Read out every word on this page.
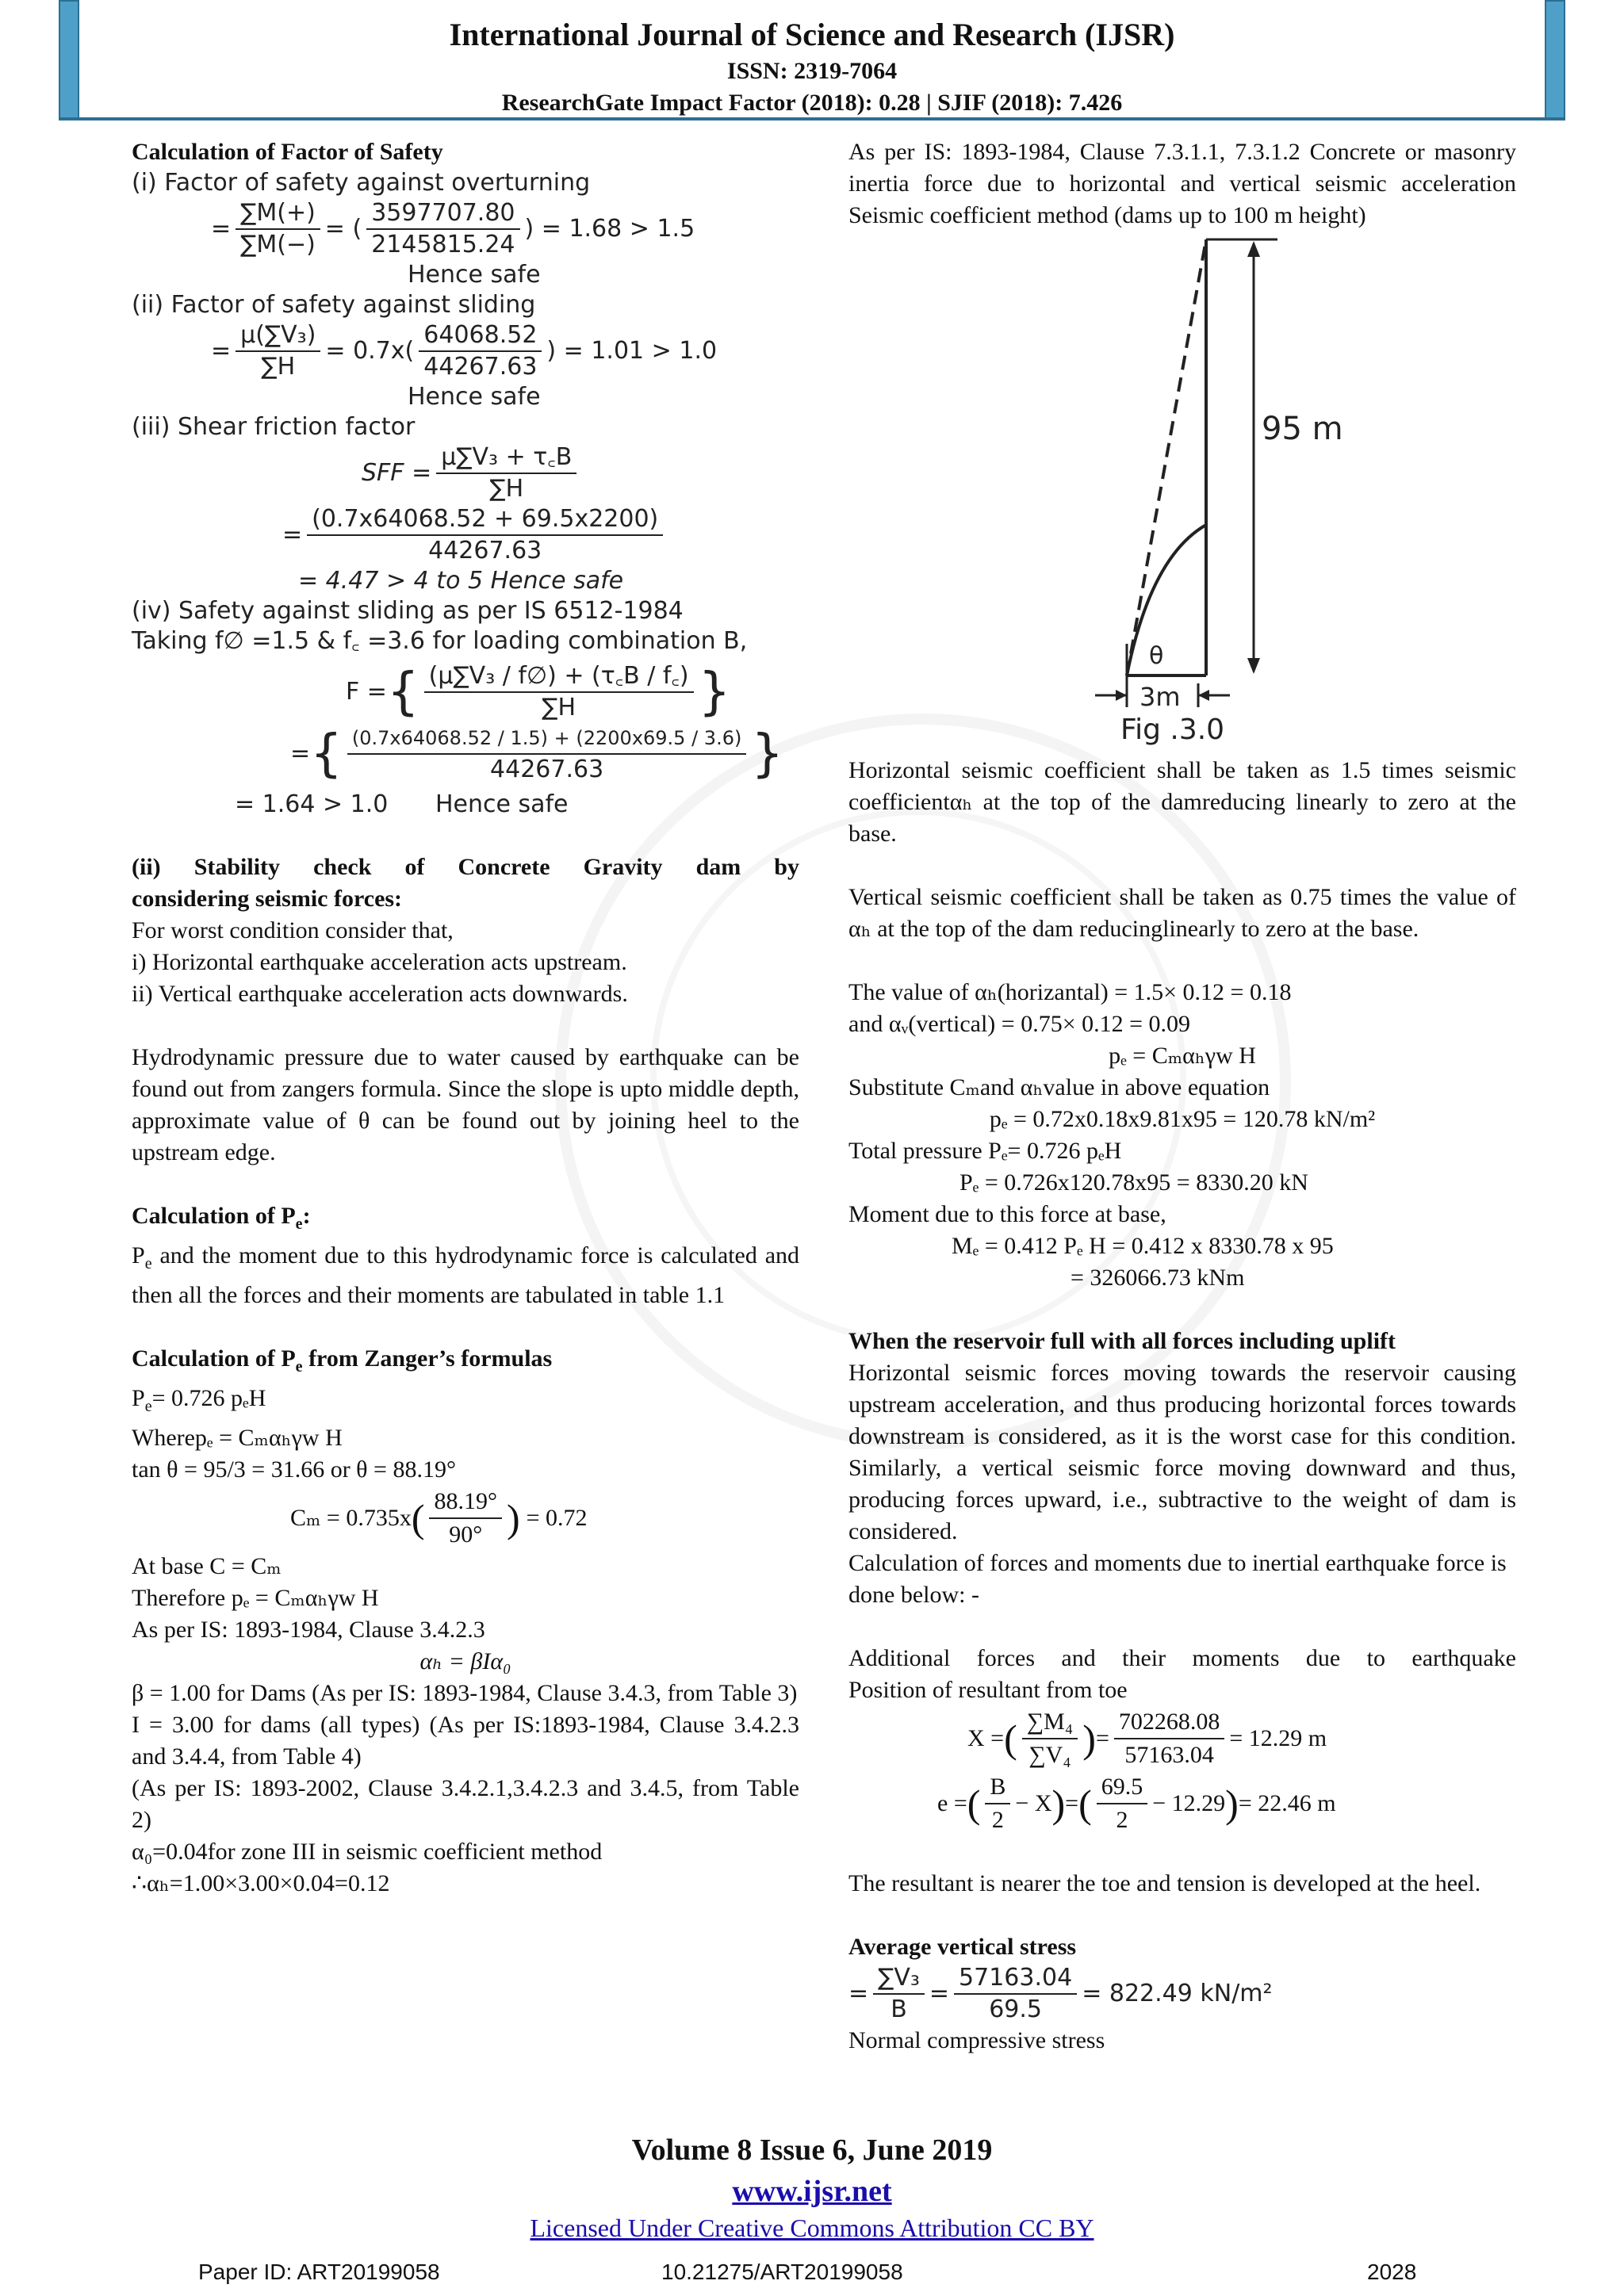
International Journal of Science and Research (IJSR)
ISSN: 2319-7064
ResearchGate Impact Factor (2018): 0.28 | SJIF (2018): 7.426
Calculation of Factor of Safety
(i) Factor of safety against overturning
= $\frac{\sum M(+)}{\sum M(-)}$ = ( $\frac{3597707.80}{2145815.24}$ ) = 1.68 > 1.5
Hence safe
(ii) Factor of safety against sliding
= $\frac{\text{μ(∑V₃)}}{\sum H} = 0.7x$ ( $\frac{64068.52}{44267.63}$ ) = 1.01 > 1.0
Hence safe
(iii) Shear friction factor
SFF = $\frac{\text{μ∑V₃ + τ꜀B}}{\sum H}$
= $\frac{(0.7x64068.52 + 69.5x2200)}{44267.63}$
= 4.47 > 4 to 5 Hence safe
(iv) Safety against sliding as per IS 6512-1984
Taking f∅ =1.5 & f꜀ =3.6 for loading combination B,
F = { $\frac{\text{(μ∑V₃ / f∅) + (τ꜀B / f꜀)}}{\sum H}$ }
= { $\frac{(0.7x64068.52 / 1.5) + (2200x69.5 / 3.6)}{44267.63}$ }
= 1.64 > 1.0 Hence safe
(ii) Stability check of Concrete Gravity dam by
considering seismic forces:
For worst condition consider that,
i) Horizontal earthquake acceleration acts upstream.
ii) Vertical earthquake acceleration acts downwards.
Hydrodynamic pressure due to water caused by earthquake can be found out from zangers formula. Since the slope is upto middle depth, approximate value of θ can be found out by joining heel to the upstream edge.
Calculation of $P_e$:
$P_e$ and the moment due to this hydrodynamic force is calculated and then all the forces and their moments are tabulated in table 1.1
Calculation of $P_e$ from Zanger’s formulas
$P_e= 0.726$ pₑH
Wherepₑ = Cₘαₕγw H
tan θ = 95/3 = 31.66 or θ = 88.19°
Cₘ = 0.735x ( $\frac{88.19^\circ}{90^\circ}$ ) = 0.72
At base C = Cₘ
Therefore pₑ = Cₘαₕγw H
As per IS: 1893-1984, Clause 3.4.2.3
αₕ = βIα₀
β = 1.00 for Dams (As per IS: 1893-1984, Clause 3.4.3, from Table 3)
I = 3.00 for dams (all types) (As per IS:1893-1984, Clause 3.4.2.3 and 3.4.4, from Table 4)
(As per IS: 1893-2002, Clause 3.4.2.1,3.4.2.3 and 3.4.5, from Table 2)
α₀=0.04for zone III in seismic coefficient method
∴αₕ=1.00×3.00×0.04=0.12
As per IS: 1893-1984, Clause 7.3.1.1, 7.3.1.2 Concrete or masonry inertia force due to horizontal and vertical seismic acceleration Seismic coefficient method (dams up to 100 m height)
95 m
θ
3m
Fig .3.0
Horizontal seismic coefficient shall be taken as 1.5 times seismic coefficientαₕ at the top of the damreducing linearly to zero at the base.
Vertical seismic coefficient shall be taken as 0.75 times the value of αₕ at the top of the dam reducinglinearly to zero at the base.
The value of αₕ(horizantal) = 1.5× 0.12 = 0.18
and αᵥ(vertical) = 0.75× 0.12 = 0.09
pₑ = Cₘαₕγw H
Substitute Cₘand αₕvalue in above equation
pₑ = 0.72x0.18x9.81x95 = 120.78 kN/m²
Total pressure Pₑ= 0.726 pₑH
Pₑ = 0.726x120.78x95 = 8330.20 kN
Moment due to this force at base,
Mₑ = 0.412 Pₑ H = 0.412 x 8330.78 x 95
= 326066.73 kNm
When the reservoir full with all forces including uplift
Horizontal seismic forces moving towards the reservoir causing upstream acceleration, and thus producing horizontal forces towards downstream is considered, as it is the worst case for this condition. Similarly, a vertical seismic force moving downward and thus, producing forces upward, i.e., subtractive to the weight of dam is considered.
Calculation of forces and moments due to inertial earthquake force is done below: -
Additional forces and their moments due to earthquake
Position of resultant from toe
X = ( $\frac{\text{∑M₄}}{\text{∑V₄}}$ ) = $\frac{702268.08}{57163.04} = 12.29$ m
e = ( $\frac{B}{2} - X$ ) = ( $\frac{69.5}{2} - 12.29$ ) = 22.46 m
The resultant is nearer the toe and tension is developed at the heel.
Average vertical stress
= $\frac{\text{∑V₃}}{B} = \frac{57163.04}{69.5} = 822.49$ kN/m²
Normal compressive stress
Volume 8 Issue 6, June 2019
www.ijsr.net
Licensed Under Creative Commons Attribution CC BY
Paper ID: ART20199058	10.21275/ART20199058	2028
